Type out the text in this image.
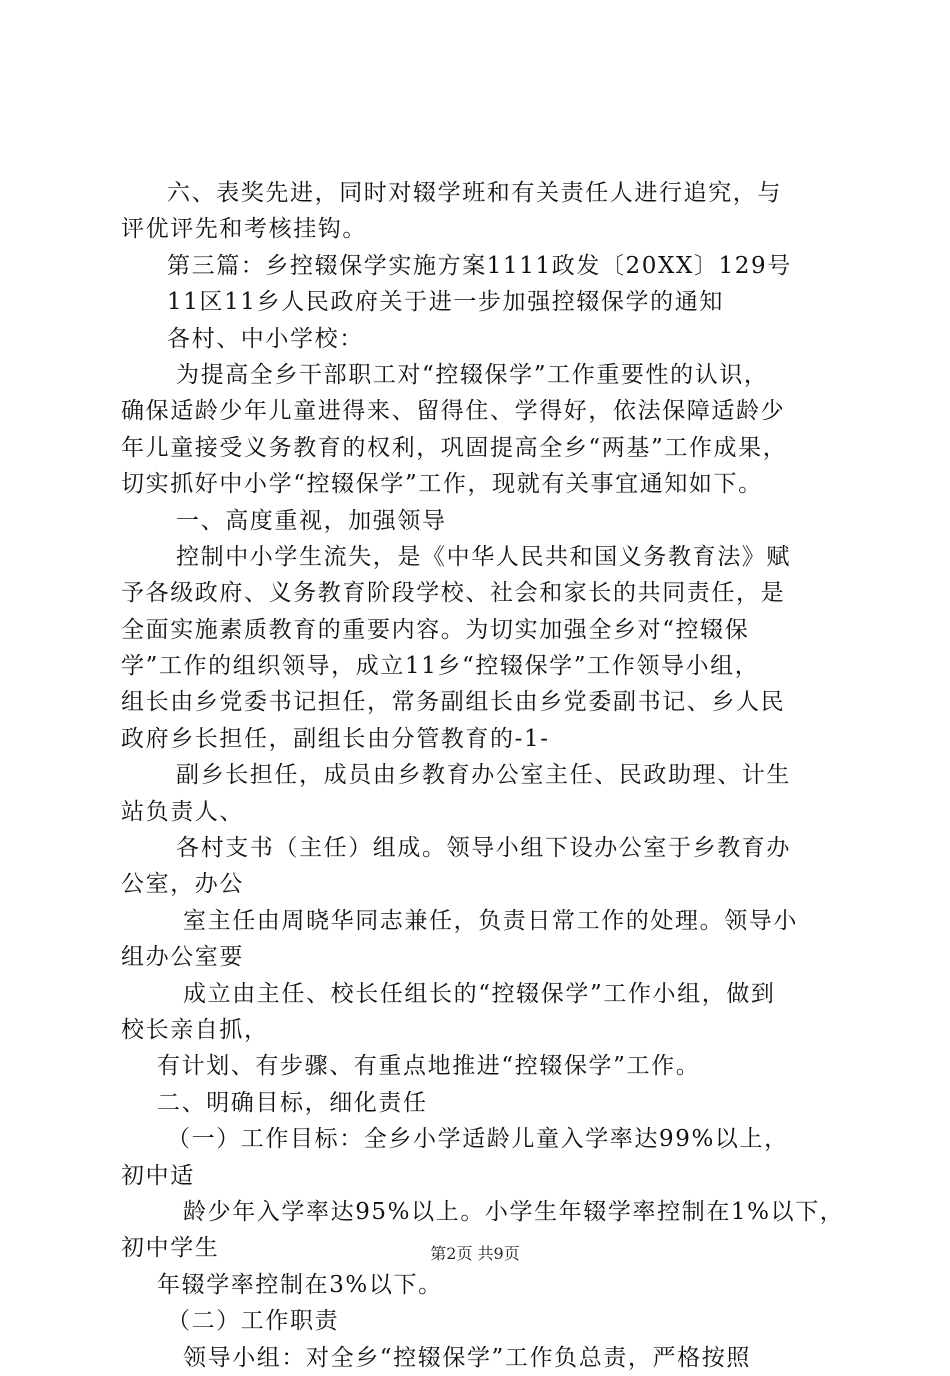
六、表奖先进，同时对辍学班和有关责任人进行追究，与
评优评先和考核挂钩。
第三篇：乡控辍保学实施方案1111政发〔20XX〕129号
11区11乡人民政府关于进一步加强控辍保学的通知
各村、中小学校：
为提高全乡干部职工对“控辍保学”工作重要性的认识，
确保适龄少年儿童进得来、留得住、学得好，依法保障适龄少
年儿童接受义务教育的权利，巩固提高全乡“两基”工作成果，
切实抓好中小学“控辍保学”工作，现就有关事宜通知如下。
一、高度重视，加强领导
控制中小学生流失，是《中华人民共和国义务教育法》赋
予各级政府、义务教育阶段学校、社会和家长的共同责任，是
全面实施素质教育的重要内容。为切实加强全乡对“控辍保
学”工作的组织领导，成立11乡“控辍保学”工作领导小组，
组长由乡党委书记担任，常务副组长由乡党委副书记、乡人民
政府乡长担任，副组长由分管教育的-1-
副乡长担任，成员由乡教育办公室主任、民政助理、计生
站负责人、
各村支书（主任）组成。领导小组下设办公室于乡教育办
公室，办公
室主任由周晓华同志兼任，负责日常工作的处理。领导小
组办公室要
成立由主任、校长任组长的“控辍保学”工作小组，做到
校长亲自抓，
有计划、有步骤、有重点地推进“控辍保学”工作。
二、明确目标，细化责任
（一）工作目标：全乡小学适龄儿童入学率达99%以上，
初中适
龄少年入学率达95%以上。小学生年辍学率控制在1%以下，
初中学生
年辍学率控制在3%以下。
（二）工作职责
领导小组：对全乡“控辍保学”工作负总责，严格按照
第2页 共9页
